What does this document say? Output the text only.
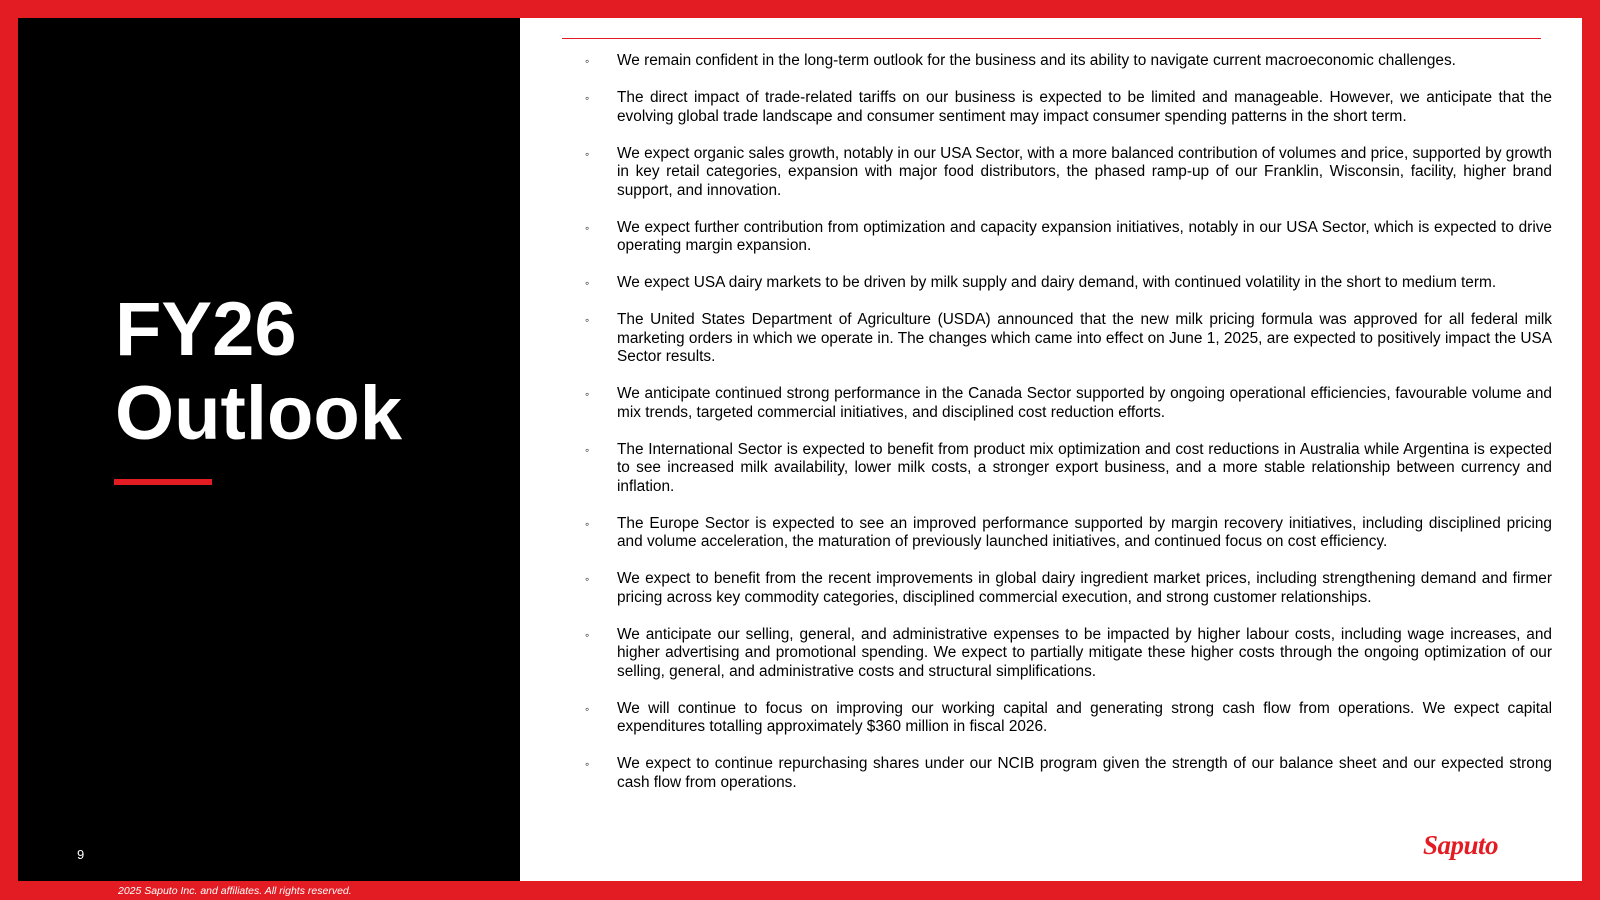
FY26
Outlook
9
◦ We remain confident in the long-term outlook for the business and its ability to navigate current macroeconomic challenges.
◦ The direct impact of trade-related tariffs on our business is expected to be limited and manageable. However, we anticipate that the evolving global trade landscape and consumer sentiment may impact consumer spending patterns in the short term.
◦ We expect organic sales growth, notably in our USA Sector, with a more balanced contribution of volumes and price, supported by growth in key retail categories, expansion with major food distributors, the phased ramp-up of our Franklin, Wisconsin, facility, higher brand support, and innovation.
◦ We expect further contribution from optimization and capacity expansion initiatives, notably in our USA Sector, which is expected to drive operating margin expansion.
◦ We expect USA dairy markets to be driven by milk supply and dairy demand, with continued volatility in the short to medium term.
◦ The United States Department of Agriculture (USDA) announced that the new milk pricing formula was approved for all federal milk marketing orders in which we operate in. The changes which came into effect on June 1, 2025, are expected to positively impact the USA Sector results.
◦ We anticipate continued strong performance in the Canada Sector supported by ongoing operational efficiencies, favourable volume and mix trends, targeted commercial initiatives, and disciplined cost reduction efforts.
◦ The International Sector is expected to benefit from product mix optimization and cost reductions in Australia while Argentina is expected to see increased milk availability, lower milk costs, a stronger export business, and a more stable relationship between currency and inflation.
◦ The Europe Sector is expected to see an improved performance supported by margin recovery initiatives, including disciplined pricing and volume acceleration, the maturation of previously launched initiatives, and continued focus on cost efficiency.
◦ We expect to benefit from the recent improvements in global dairy ingredient market prices, including strengthening demand and firmer pricing across key commodity categories, disciplined commercial execution, and strong customer relationships.
◦ We anticipate our selling, general, and administrative expenses to be impacted by higher labour costs, including wage increases, and higher advertising and promotional spending. We expect to partially mitigate these higher costs through the ongoing optimization of our selling, general, and administrative costs and structural simplifications.
◦ We will continue to focus on improving our working capital and generating strong cash flow from operations. We expect capital expenditures totalling approximately $360 million in fiscal 2026.
◦ We expect to continue repurchasing shares under our NCIB program given the strength of our balance sheet and our expected strong cash flow from operations.
Saputo
2025 Saputo Inc. and affiliates. All rights reserved.
